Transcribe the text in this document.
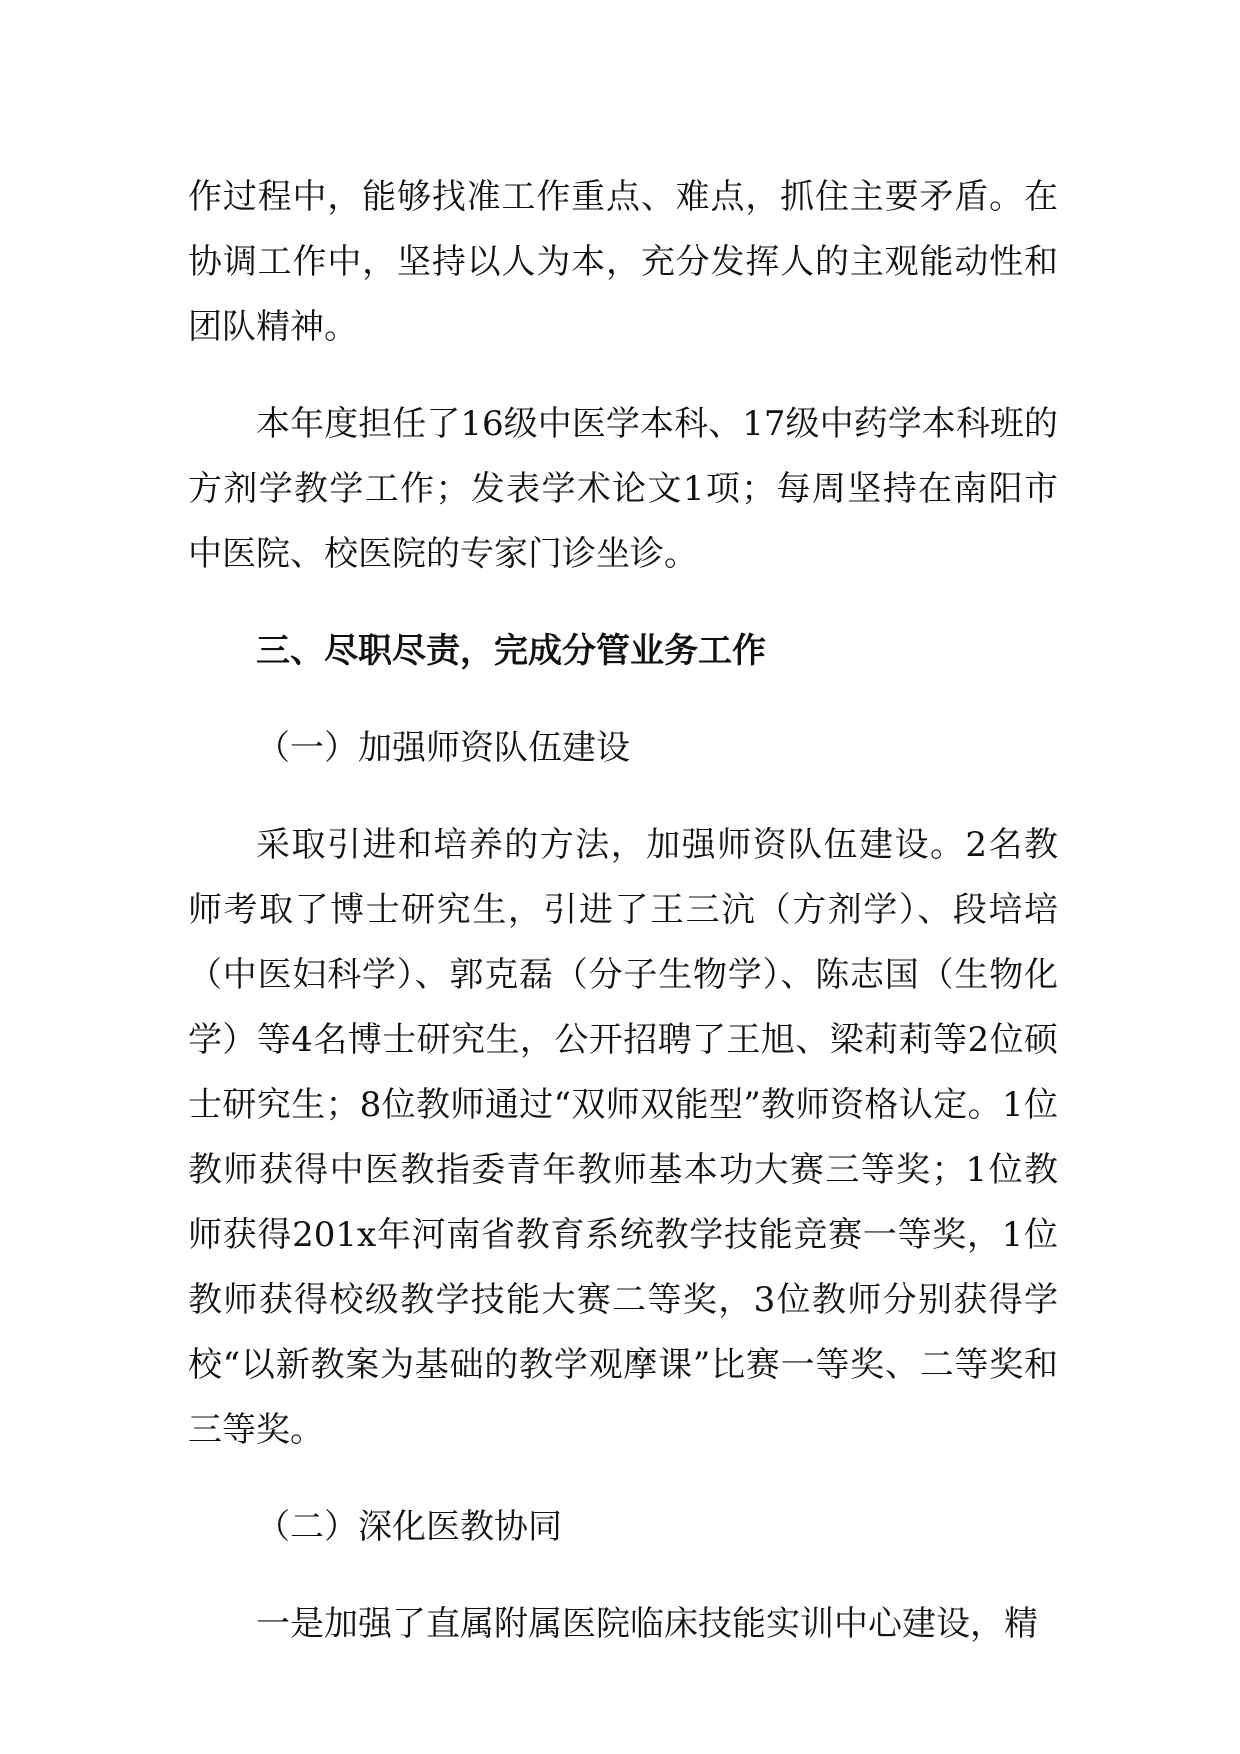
作过程中，能够找准工作重点、难点，抓住主要矛盾。在协调工作中，坚持以人为本，充分发挥人的主观能动性和团队精神。

本年度担任了16级中医学本科、17级中药学本科班的方剂学教学工作；发表学术论文1项；每周坚持在南阳市中医院、校医院的专家门诊坐诊。

三、尽职尽责，完成分管业务工作

（一）加强师资队伍建设

采取引进和培养的方法，加强师资队伍建设。2名教师考取了博士研究生，引进了王三沆（方剂学）、段培培（中医妇科学）、郭克磊（分子生物学）、陈志国（生物化学）等4名博士研究生，公开招聘了王旭、梁莉莉等2位硕士研究生；8位教师通过“双师双能型”教师资格认定。1位教师获得中医教指委青年教师基本功大赛三等奖；1位教师获得201x年河南省教育系统教学技能竞赛一等奖，1位教师获得校级教学技能大赛二等奖，3位教师分别获得学校“以新教案为基础的教学观摩课”比赛一等奖、二等奖和三等奖。

（二）深化医教协同

一是加强了直属附属医院临床技能实训中心建设，精
